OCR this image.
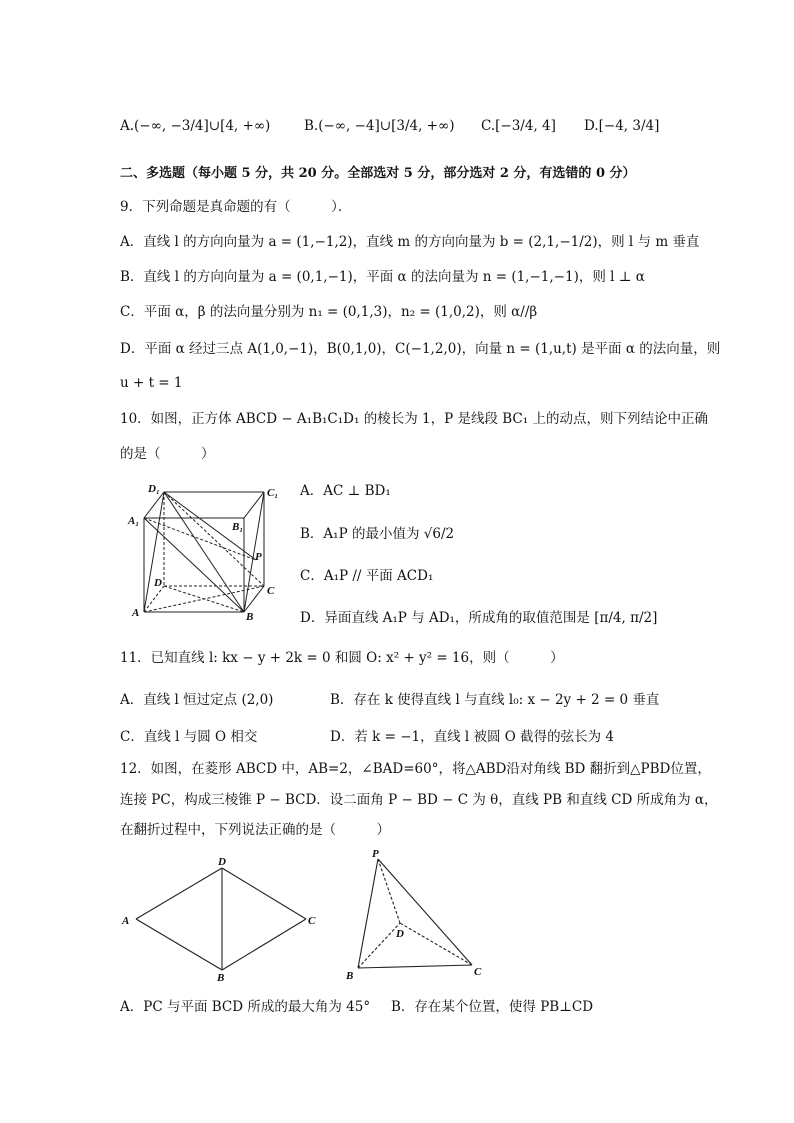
A.(−∞, −3/4]∪[4, +∞) B.(−∞, −4]∪[3/4, +∞) C.[−3/4, 4] D.[−4, 3/4]
二、多选题（每小题 5 分，共 20 分。全部选对 5 分，部分选对 2 分，有选错的 0 分）
9．下列命题是真命题的有（　　　）．
A．直线 l 的方向向量为 a = (1,−1,2)，直线 m 的方向向量为 b = (2,1,−1/2)，则 l 与 m 垂直
B．直线 l 的方向向量为 a = (0,1,−1)，平面 α 的法向量为 n = (1,−1,−1)，则 l ⊥ α
C．平面 α，β 的法向量分别为 n₁ = (0,1,3)，n₂ = (1,0,2)，则 α//β
D．平面 α 经过三点 A(1,0,−1)，B(0,1,0)，C(−1,2,0)，向量 n = (1,u,t) 是平面 α 的法向量，则
u + t = 1
10．如图，正方体 ABCD − A₁B₁C₁D₁ 的棱长为 1，P 是线段 BC₁ 上的动点，则下列结论中正确
的是（　　　）
D₁	C₁
A₁	B₁
P
D
C
A	B
A．AC ⊥ BD₁
B．A₁P 的最小值为 √6/2
C．A₁P // 平面 ACD₁
D．异面直线 A₁P 与 AD₁，所成角的取值范围是 [π/4, π/2]
11．已知直线 l: kx − y + 2k = 0 和圆 O: x² + y² = 16，则（　　　）
A．直线 l 恒过定点 (2,0)	B．存在 k 使得直线 l 与直线 l₀: x − 2y + 2 = 0 垂直
C．直线 l 与圆 O 相交	D．若 k = −1，直线 l 被圆 O 截得的弦长为 4
12．如图，在菱形 ABCD 中，AB=2，∠BAD=60°，将△ABD沿对角线 BD 翻折到△PBD位置，
连接 PC，构成三棱锥 P − BCD．设二面角 P − BD − C 为 θ，直线 PB 和直线 CD 所成角为 α，
在翻折过程中，下列说法正确的是（　　　）
D
A	C
B
P
D
B	C
A．PC 与平面 BCD 所成的最大角为 45° B．存在某个位置，使得 PB⊥CD
